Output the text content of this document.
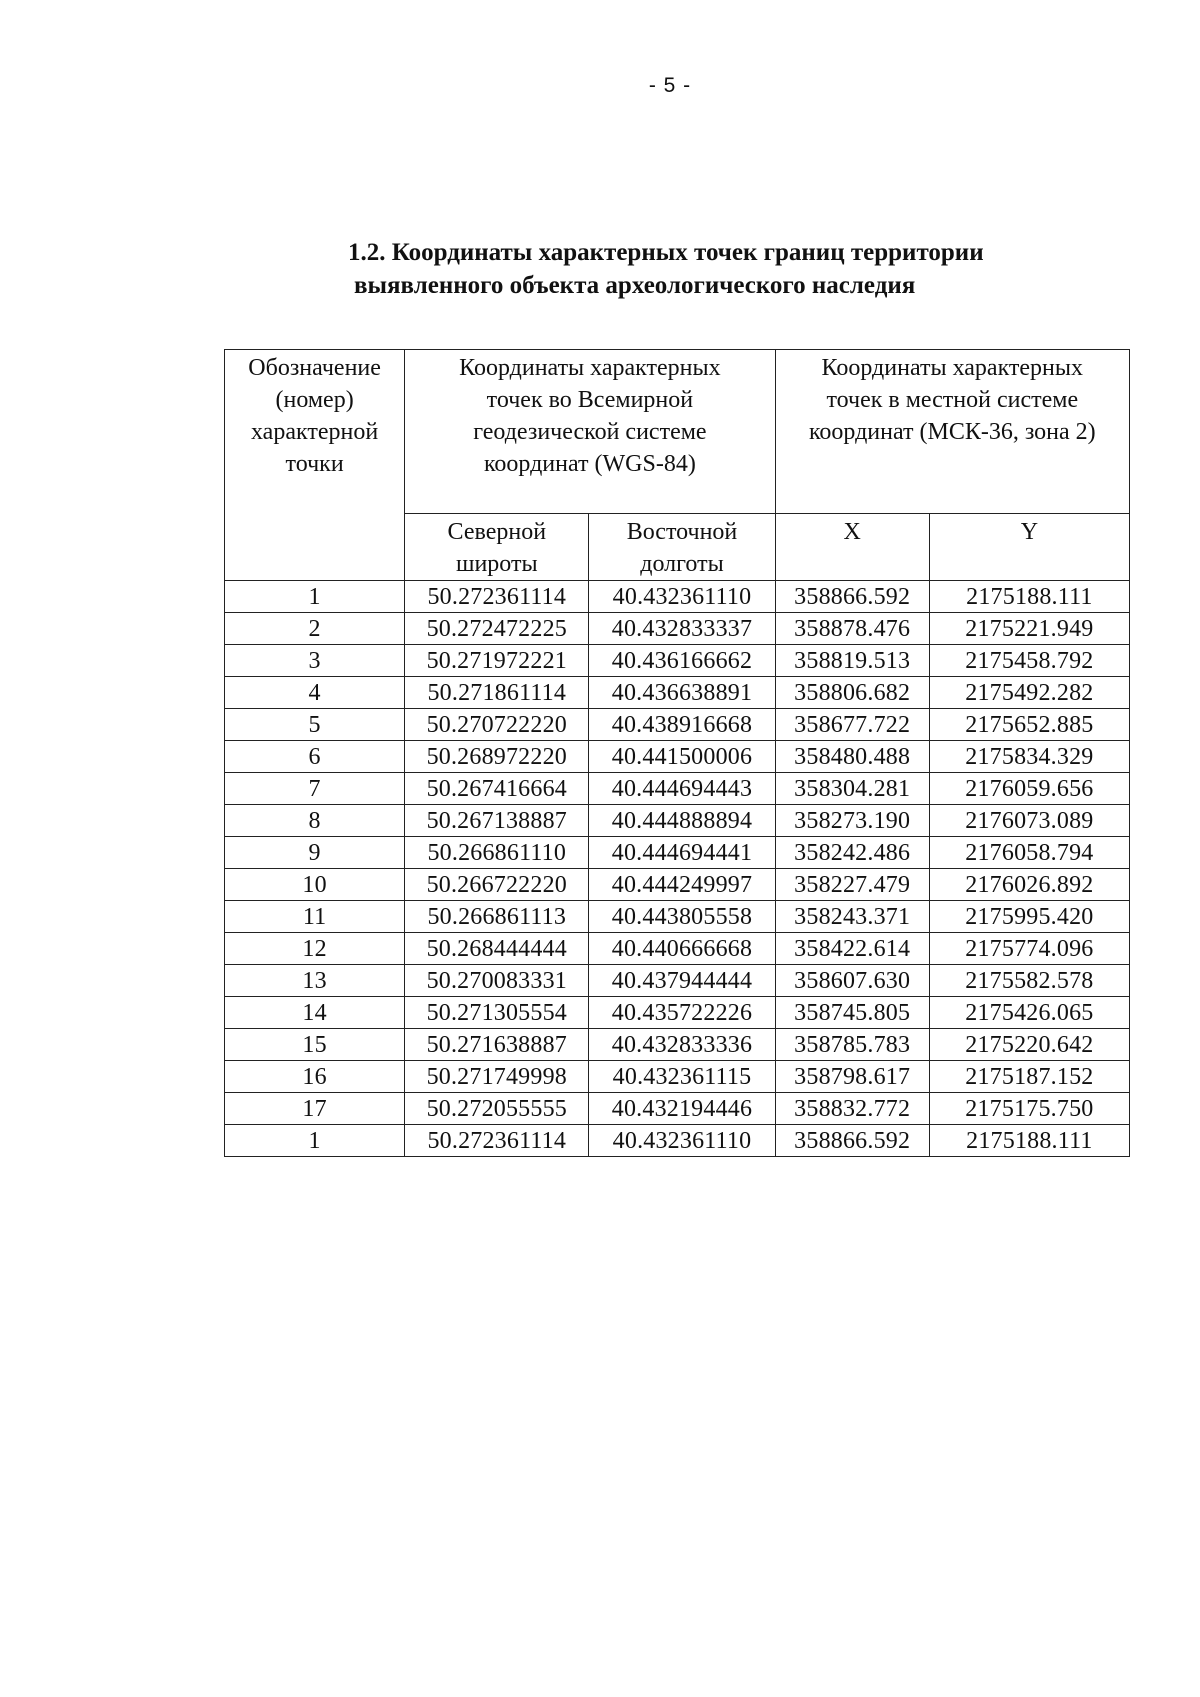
- 5 -
1.2. Координаты характерных точек границ территории
выявленного объекта археологического наследия
Обозначение (номер) характерной точки	Координаты характерных точек во Всемирной геодезической системе координат (WGS-84)		Координаты характерных точек в местной системе координат (МСК-36, зона 2)	
	Северной широты	Восточной долготы	X	Y
1	50.272361114	40.432361110	358866.592	2175188.111
2	50.272472225	40.432833337	358878.476	2175221.949
3	50.271972221	40.436166662	358819.513	2175458.792
4	50.271861114	40.436638891	358806.682	2175492.282
5	50.270722220	40.438916668	358677.722	2175652.885
6	50.268972220	40.441500006	358480.488	2175834.329
7	50.267416664	40.444694443	358304.281	2176059.656
8	50.267138887	40.444888894	358273.190	2176073.089
9	50.266861110	40.444694441	358242.486	2176058.794
10	50.266722220	40.444249997	358227.479	2176026.892
11	50.266861113	40.443805558	358243.371	2175995.420
12	50.268444444	40.440666668	358422.614	2175774.096
13	50.270083331	40.437944444	358607.630	2175582.578
14	50.271305554	40.435722226	358745.805	2175426.065
15	50.271638887	40.432833336	358785.783	2175220.642
16	50.271749998	40.432361115	358798.617	2175187.152
17	50.272055555	40.432194446	358832.772	2175175.750
1	50.272361114	40.432361110	358866.592	2175188.111
